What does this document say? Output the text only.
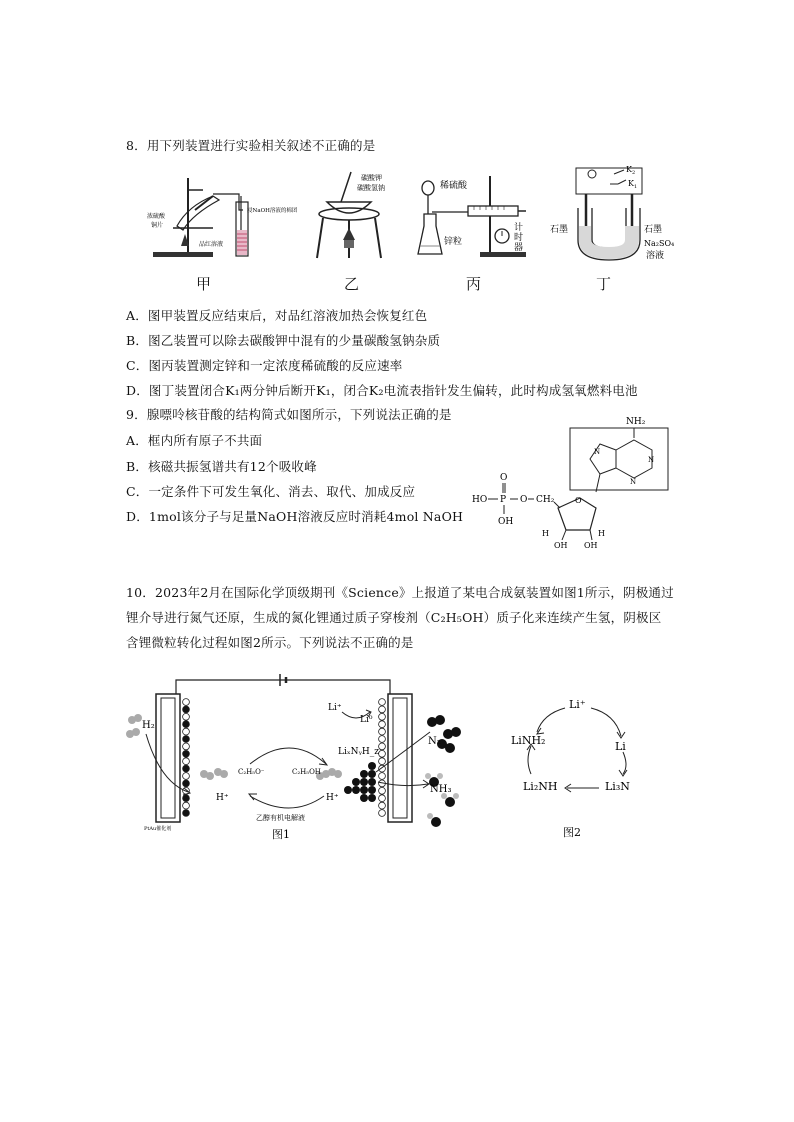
8．用下列装置进行实验相关叙述不正确的是
浓硫酸
铜片
浸NaOH溶液的棉团
品红溶液
碳酸钾
碳酸氢钠	稀硫酸
锌粒
计
时
器
$K_2$
$K_1$
石墨	石墨
Na₂SO₄
溶液
甲	乙	丙	丁
A．图甲装置反应结束后，对品红溶液加热会恢复红色
B．图乙装置可以除去碳酸钾中混有的少量碳酸氢钠杂质
C．图丙装置测定锌和一定浓度稀硫酸的反应速率
D．图丁装置闭合K₁两分钟后断开K₁，闭合K₂电流表指针发生偏转，此时构成氢氧燃料电池
9．腺嘌呤核苷酸的结构简式如图所示，下列说法正确的是
A．框内所有原子不共面
B．核磁共振氢谱共有12个吸收峰
C．一定条件下可发生氧化、消去、取代、加成反应
D．1mol该分子与足量NaOH溶液反应时消耗4mol NaOH
NH₂
N
N
N
O
OH OH
H	H
HO P
O
OH
O CH₂
10．2023年2月在国际化学顶级期刊《Science》上报道了某电合成氨装置如图1所示，阴极通过
锂介导进行氮气还原，生成的氮化锂通过质子穿梭剂（C₂H₅OH）质子化来连续产生氢，阴极区
含锂微粒转化过程如图2所示。下列说法不正确的是
H₂
H⁺
C₂H₅O⁻	C₂H₅OH
H⁺
Li⁺
Li⁰
LiₓNᵧH_z
N₂
NH₃
乙醇有机电解液
PtAu催化剂	图1
Li⁺
Li
Li₃N
Li₂NH
LiNH₂
图2
